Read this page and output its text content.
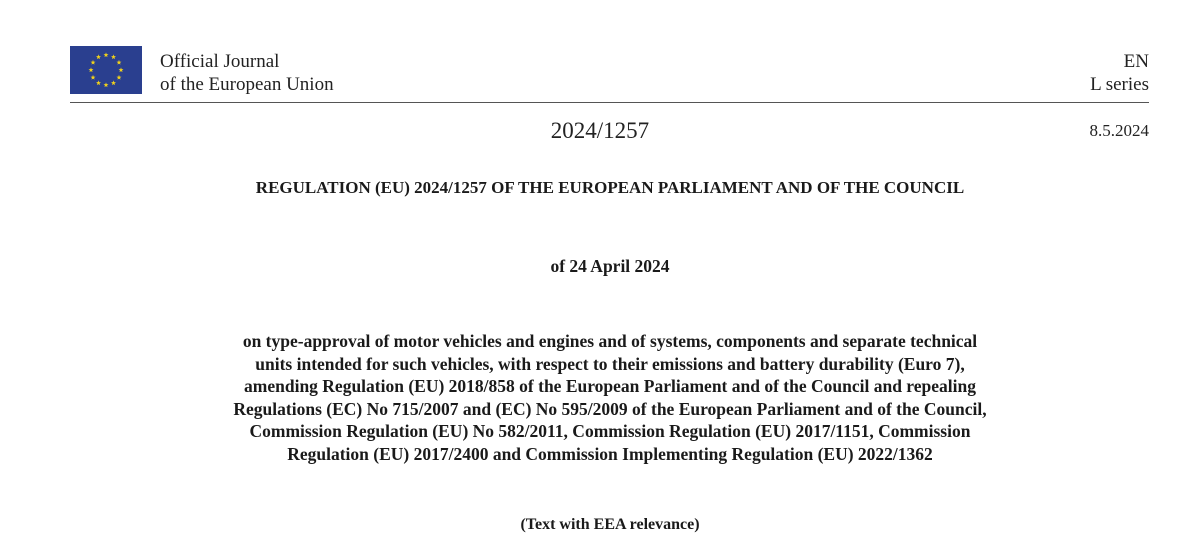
Official Journal
of the European Union
EN
L series
2024/1257	8.5.2024
REGULATION (EU) 2024/1257 OF THE EUROPEAN PARLIAMENT AND OF THE COUNCIL
of 24 April 2024
on type-approval of motor vehicles and engines and of systems, components and separate technical
units intended for such vehicles, with respect to their emissions and battery durability (Euro 7),
amending Regulation (EU) 2018/858 of the European Parliament and of the Council and repealing
Regulations (EC) No 715/2007 and (EC) No 595/2009 of the European Parliament and of the Council,
Commission Regulation (EU) No 582/2011, Commission Regulation (EU) 2017/1151, Commission
Regulation (EU) 2017/2400 and Commission Implementing Regulation (EU) 2022/1362
(Text with EEA relevance)
